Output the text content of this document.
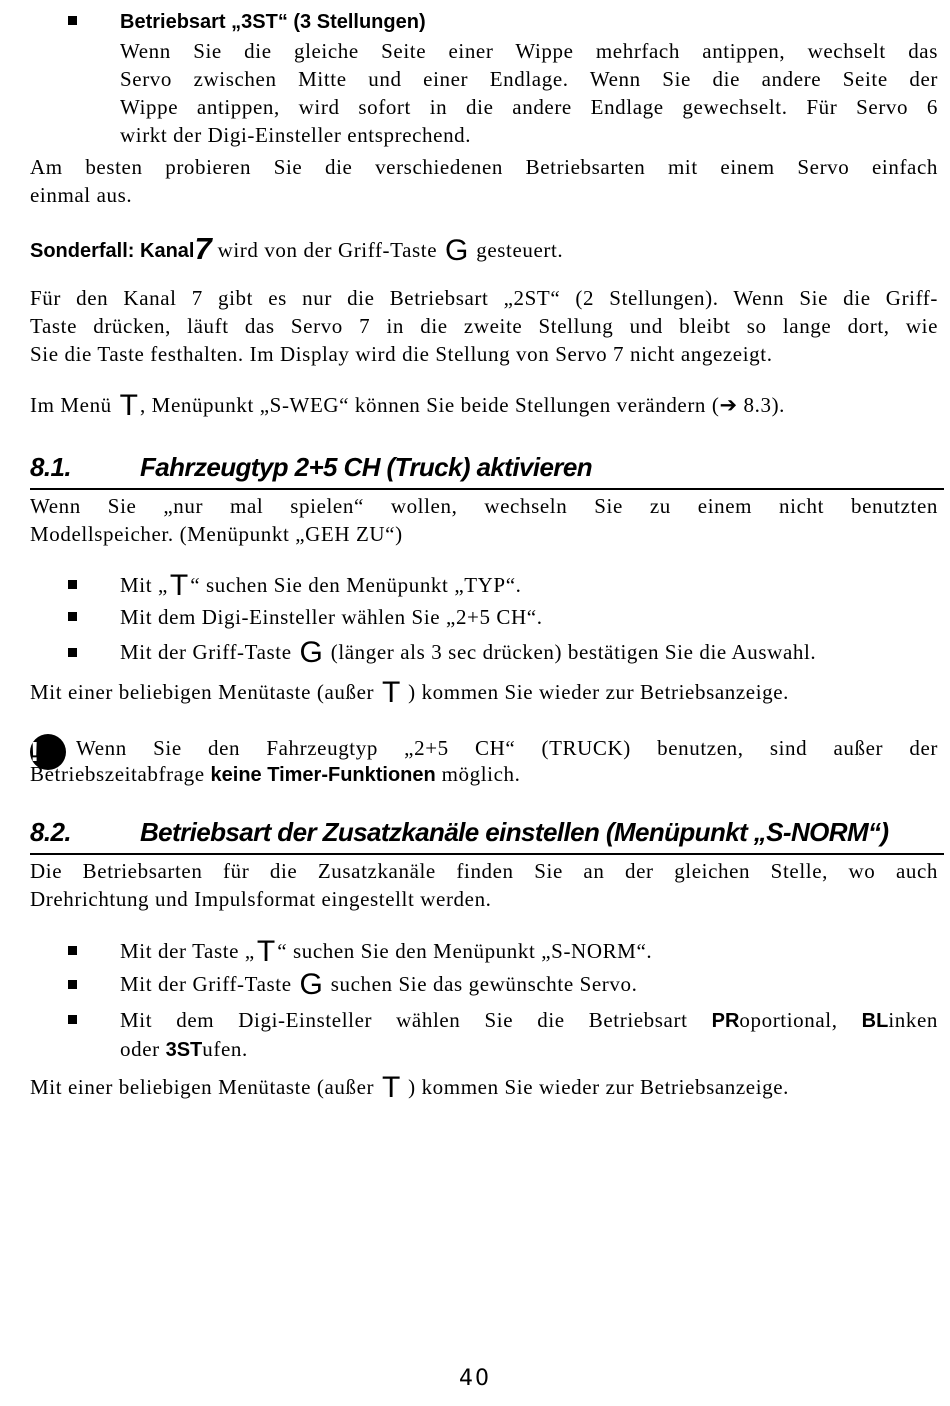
Betriebsart „3ST“ (3 Stellungen)
Wenn Sie die gleiche Seite einer Wippe mehrfach antippen, wechselt das
Servo zwischen Mitte und einer Endlage. Wenn Sie die andere Seite der
Wippe antippen, wird sofort in die andere Endlage gewechselt. Für Servo 6
wirkt der Digi-Einsteller entsprechend.
Am besten probieren Sie die verschiedenen Betriebsarten mit einem Servo einfach
einmal aus.
Sonderfall: Kanal7 wird von der Griff-Taste G gesteuert.
Für den Kanal 7 gibt es nur die Betriebsart „2ST“ (2 Stellungen). Wenn Sie die Griff-
Taste drücken, läuft das Servo 7 in die zweite Stellung und bleibt so lange dort, wie
Sie die Taste festhalten. Im Display wird die Stellung von Servo 7 nicht angezeigt.
Im Menü T, Menüpunkt „S-WEG“ können Sie beide Stellungen verändern (➔ 8.3).
8.1.	Fahrzeugtyp 2+5 CH (Truck) aktivieren
Wenn Sie „nur mal spielen“ wollen, wechseln Sie zu einem nicht benutzten
Modellspeicher. (Menüpunkt „GEH ZU“)
Mit „T“ suchen Sie den Menüpunkt „TYP“.
Mit dem Digi-Einsteller wählen Sie „2+5 CH“.
Mit der Griff-Taste G (länger als 3 sec drücken) bestätigen Sie die Auswahl.
Mit einer beliebigen Menütaste (außer T ) kommen Sie wieder zur Betriebsanzeige.
! Wenn Sie den Fahrzeugtyp „2+5 CH“ (TRUCK) benutzen, sind außer der
Betriebszeitabfrage keine Timer-Funktionen möglich.
8.2.	Betriebsart der Zusatzkanäle einstellen (Menüpunkt „S-NORM“)
Die Betriebsarten für die Zusatzkanäle finden Sie an der gleichen Stelle, wo auch
Drehrichtung und Impulsformat eingestellt werden.
Mit der Taste „T“ suchen Sie den Menüpunkt „S-NORM“.
Mit der Griff-Taste G suchen Sie das gewünschte Servo.
Mit dem Digi-Einsteller wählen Sie die Betriebsart PRoportional, BLinken
oder 3STufen.
Mit einer beliebigen Menütaste (außer T ) kommen Sie wieder zur Betriebsanzeige.
40
